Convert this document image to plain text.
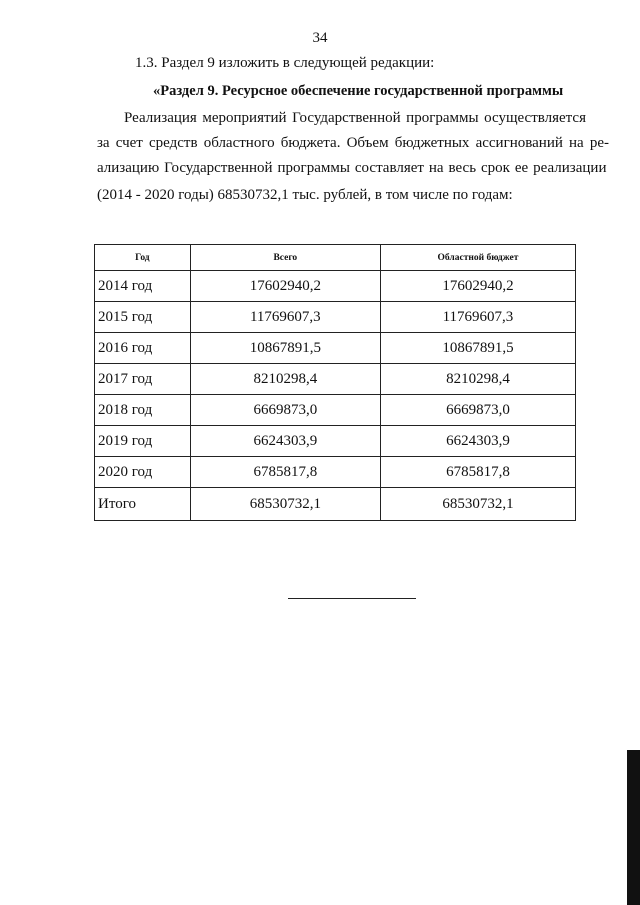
34
1.3. Раздел 9 изложить в следующей редакции:
«Раздел 9. Ресурсное обеспечение государственной программы
Реализация мероприятий Государственной программы осуществляется
за счет средств областного бюджета. Объем бюджетных ассигнований на ре-
ализацию Государственной программы составляет на весь срок ее реализации
(2014 - 2020 годы) 68530732,1 тыс. рублей, в том числе по годам:
Год	Всего	Областной бюджет
2014 год	17602940,2	17602940,2
2015 год	11769607,3	11769607,3
2016 год	10867891,5	10867891,5
2017 год	8210298,4	8210298,4
2018 год	6669873,0	6669873,0
2019 год	6624303,9	6624303,9
2020 год	6785817,8	6785817,8
Итого	68530732,1	68530732,1
